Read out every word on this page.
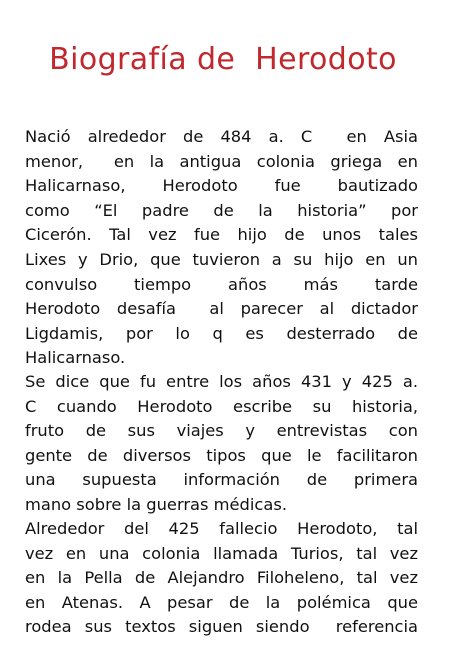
Biografía de  Herodoto

Nació alrededor de 484 a. C  en Asia
menor,  en la antigua colonia griega en
Halicarnaso,  Herodoto  fue  bautizado
como  “El  padre  de  la  historia”  por
Cicerón. Tal vez fue hijo de unos tales
Lixes y Drio, que tuvieron a su hijo en un
convulso   tiempo   años   más   tarde
Herodoto desafía  al parecer al dictador
Ligdamis,  por  lo  q  es  desterrado  de
Halicarnaso.

Se dice que fu entre los años 431 y 425 a.
C cuando Herodoto escribe su historia,
fruto  de  sus  viajes  y  entrevistas  con
gente de diversos tipos que le facilitaron
una  supuesta  información  de  primera
mano sobre la guerras médicas.

Alrededor del 425 fallecio Herodoto, tal
vez en una colonia llamada Turios, tal vez
en la Pella de Alejandro Filoheleno, tal vez
en  Atenas.  A  pesar  de  la  polémica  que
rodea sus textos siguen siendo  referencia
